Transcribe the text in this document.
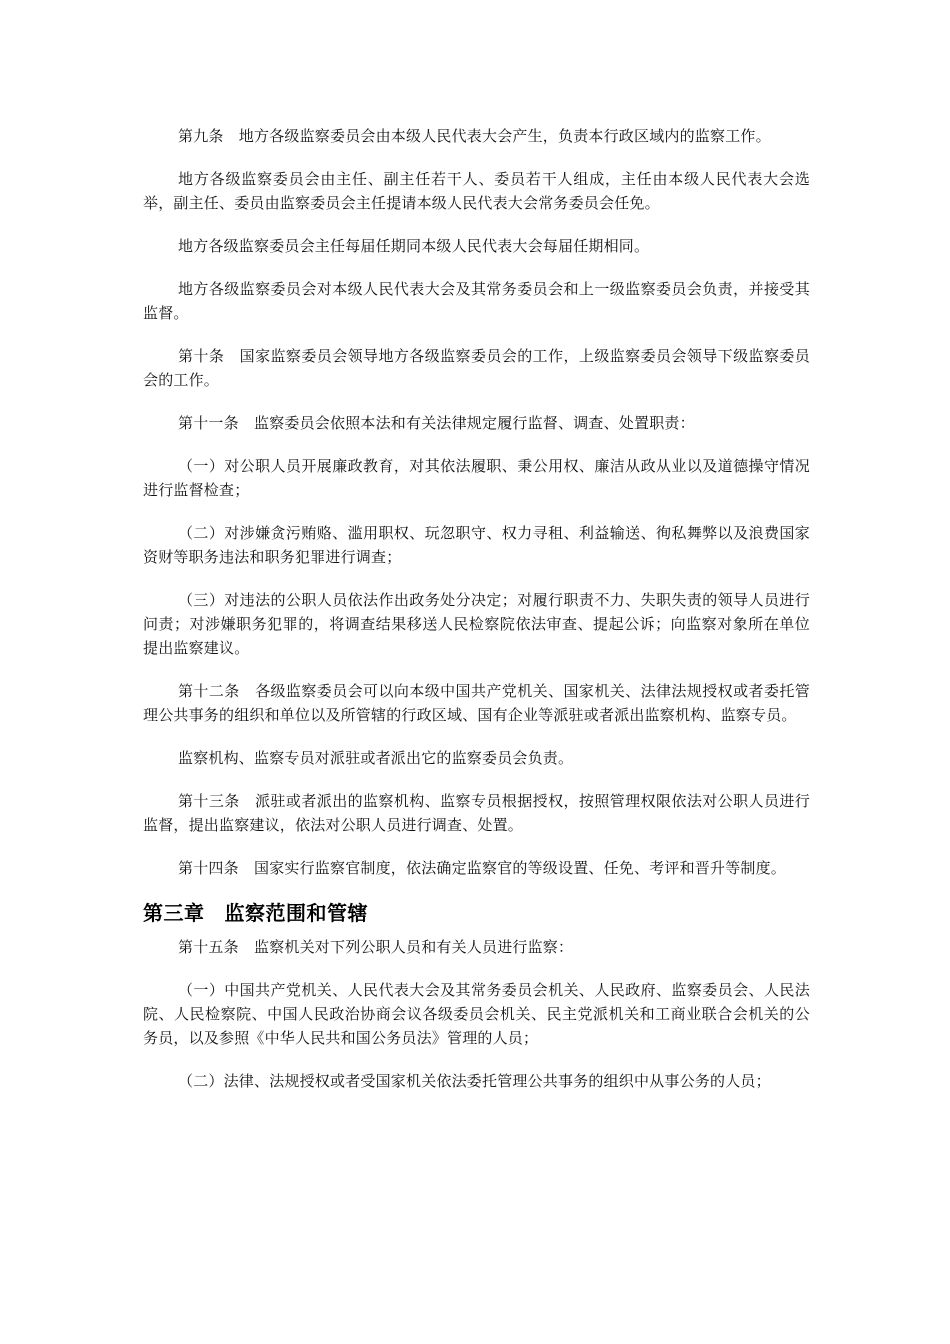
第九条　地方各级监察委员会由本级人民代表大会产生，负责本行政区域内的监察工作。

地方各级监察委员会由主任、副主任若干人、委员若干人组成，主任由本级人民代表大会选举，副主任、委员由监察委员会主任提请本级人民代表大会常务委员会任免。

地方各级监察委员会主任每届任期同本级人民代表大会每届任期相同。

地方各级监察委员会对本级人民代表大会及其常务委员会和上一级监察委员会负责，并接受其监督。

第十条　国家监察委员会领导地方各级监察委员会的工作，上级监察委员会领导下级监察委员会的工作。

第十一条　监察委员会依照本法和有关法律规定履行监督、调查、处置职责：

（一）对公职人员开展廉政教育，对其依法履职、秉公用权、廉洁从政从业以及道德操守情况进行监督检查；

（二）对涉嫌贪污贿赂、滥用职权、玩忽职守、权力寻租、利益输送、徇私舞弊以及浪费国家资财等职务违法和职务犯罪进行调查；

（三）对违法的公职人员依法作出政务处分决定；对履行职责不力、失职失责的领导人员进行问责；对涉嫌职务犯罪的，将调查结果移送人民检察院依法审查、提起公诉；向监察对象所在单位提出监察建议。

第十二条　各级监察委员会可以向本级中国共产党机关、国家机关、法律法规授权或者委托管理公共事务的组织和单位以及所管辖的行政区域、国有企业等派驻或者派出监察机构、监察专员。

监察机构、监察专员对派驻或者派出它的监察委员会负责。

第十三条　派驻或者派出的监察机构、监察专员根据授权，按照管理权限依法对公职人员进行监督，提出监察建议，依法对公职人员进行调查、处置。

第十四条　国家实行监察官制度，依法确定监察官的等级设置、任免、考评和晋升等制度。

第三章 监察范围和管辖

第十五条　监察机关对下列公职人员和有关人员进行监察：

（一）中国共产党机关、人民代表大会及其常务委员会机关、人民政府、监察委员会、人民法院、人民检察院、中国人民政治协商会议各级委员会机关、民主党派机关和工商业联合会机关的公务员，以及参照《中华人民共和国公务员法》管理的人员；

（二）法律、法规授权或者受国家机关依法委托管理公共事务的组织中从事公务的人员；
